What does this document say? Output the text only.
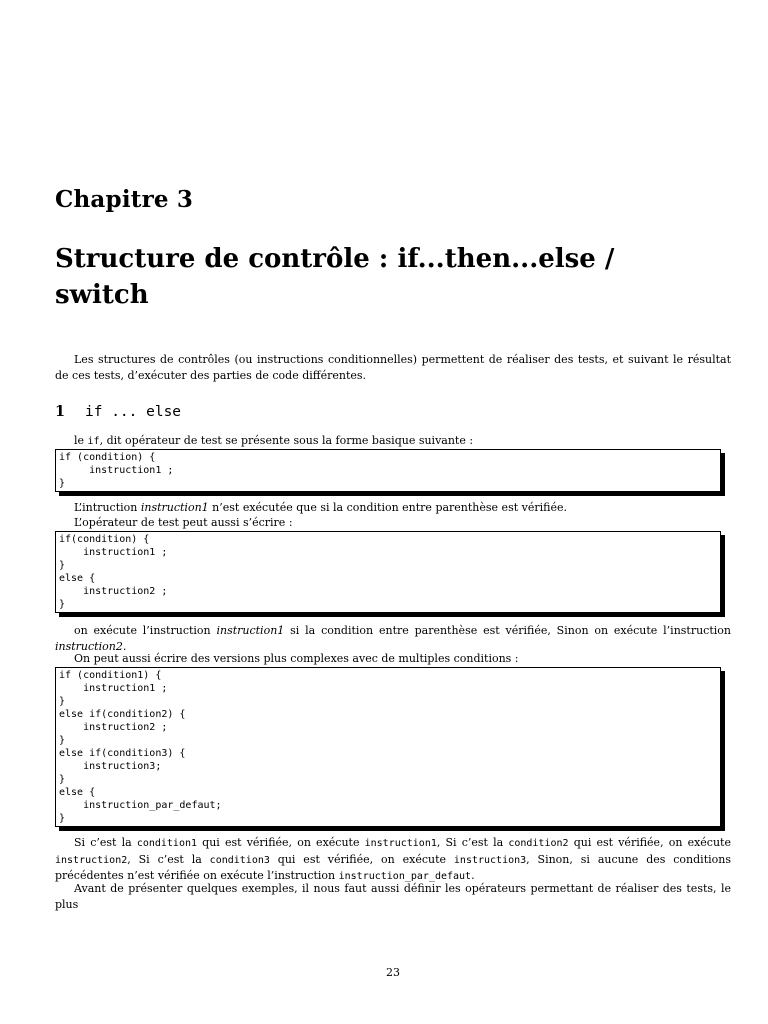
Chapitre 3
Structure de contrôle : if...then...else /
switch

Les structures de contrôles (ou instructions conditionnelles) permettent de réaliser des tests, et suivant le résultat de ces tests, d’exécuter des parties de code différentes.

1 if ... else

le if, dit opérateur de test se présente sous la forme basique suivante :

if (condition) {
instruction1 ;
}

L’intruction instruction1 n’est exécutée que si la condition entre parenthèse est vérifiée.

L’opérateur de test peut aussi s’écrire :

if(condition) {
instruction1 ;
}
else {
instruction2 ;
}

on exécute l’instruction instruction1 si la condition entre parenthèse est vérifiée, Sinon on exécute l’instruction instruction2.

On peut aussi écrire des versions plus complexes avec de multiples conditions :

if (condition1) {
instruction1 ;
}
else if(condition2) {
instruction2 ;
}
else if(condition3) {
instruction3;
}
else {
instruction_par_defaut;
}

Si c’est la condition1 qui est vérifiée, on exécute instruction1, Si c’est la condition2 qui est vérifiée, on exécute instruction2, Si c’est la condition3 qui est vérifiée, on exécute instruction3, Sinon, si aucune des conditions précédentes n’est vérifiée on exécute l’instruction instruction_par_defaut.

Avant de présenter quelques exemples, il nous faut aussi définir les opérateurs permettant de réaliser des tests, le plus

23
